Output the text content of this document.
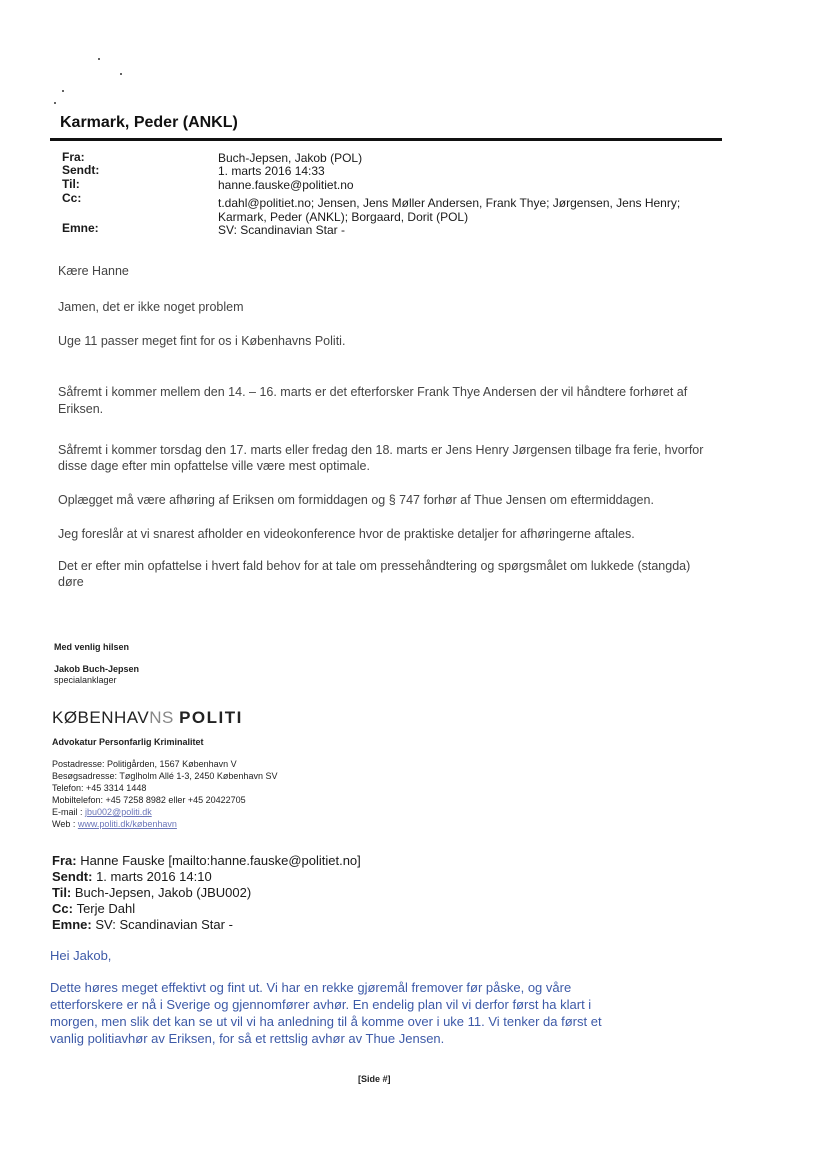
Karmark, Peder (ANKL)
Fra:	Buch-Jepsen, Jakob (POL)
Sendt:	1. marts 2016 14:33
Til:	hanne.fauske@politiet.no
Cc:	t.dahl@politiet.no; Jensen, Jens Møller Andersen, Frank Thye; Jørgensen, Jens Henry;
Karmark, Peder (ANKL); Borgaard, Dorit (POL)
Emne:	SV: Scandinavian Star -
Kære Hanne
Jamen, det er ikke noget problem
Uge 11 passer meget fint for os i Københavns Politi.
Såfremt i kommer mellem den 14. – 16. marts er det efterforsker Frank Thye Andersen der vil håndtere forhøret af
Eriksen.
Såfremt i kommer torsdag den 17. marts eller fredag den 18. marts er Jens Henry Jørgensen tilbage fra ferie, hvorfor
disse dage efter min opfattelse ville være mest optimale.
Oplægget må være afhøring af Eriksen om formiddagen og § 747 forhør af Thue Jensen om eftermiddagen.
Jeg foreslår at vi snarest afholder en videokonference hvor de praktiske detaljer for afhøringerne aftales.
Det er efter min opfattelse i hvert fald behov for at tale om pressehåndtering og spørgsmålet om lukkede (stangda)
døre
Med venlig hilsen
Jakob Buch-Jepsen
specialanklager
KØBENHAVNS POLITI
Advokatur Personfarlig Kriminalitet
Postadresse: Politigården, 1567 København V
Besøgsadresse: Tøglholm Allé 1-3, 2450 København SV
Telefon: +45 3314 1448
Mobiltelefon: +45 7258 8982 eller +45 20422705
E-mail : jbu002@politi.dk
Web : www.politi.dk/københavn
Fra: Hanne Fauske [mailto:hanne.fauske@politiet.no]
Sendt: 1. marts 2016 14:10
Til: Buch-Jepsen, Jakob (JBU002)
Cc: Terje Dahl
Emne: SV: Scandinavian Star -
Hei Jakob,
Dette høres meget effektivt og fint ut. Vi har en rekke gjøremål fremover før påske, og våre
etterforskere er nå i Sverige og gjennomfører avhør. En endelig plan vil vi derfor først ha klart i
morgen, men slik det kan se ut vil vi ha anledning til å komme over i uke 11. Vi tenker da først et
vanlig politiavhør av Eriksen, for så et rettslig avhør av Thue Jensen.
[Side #]
